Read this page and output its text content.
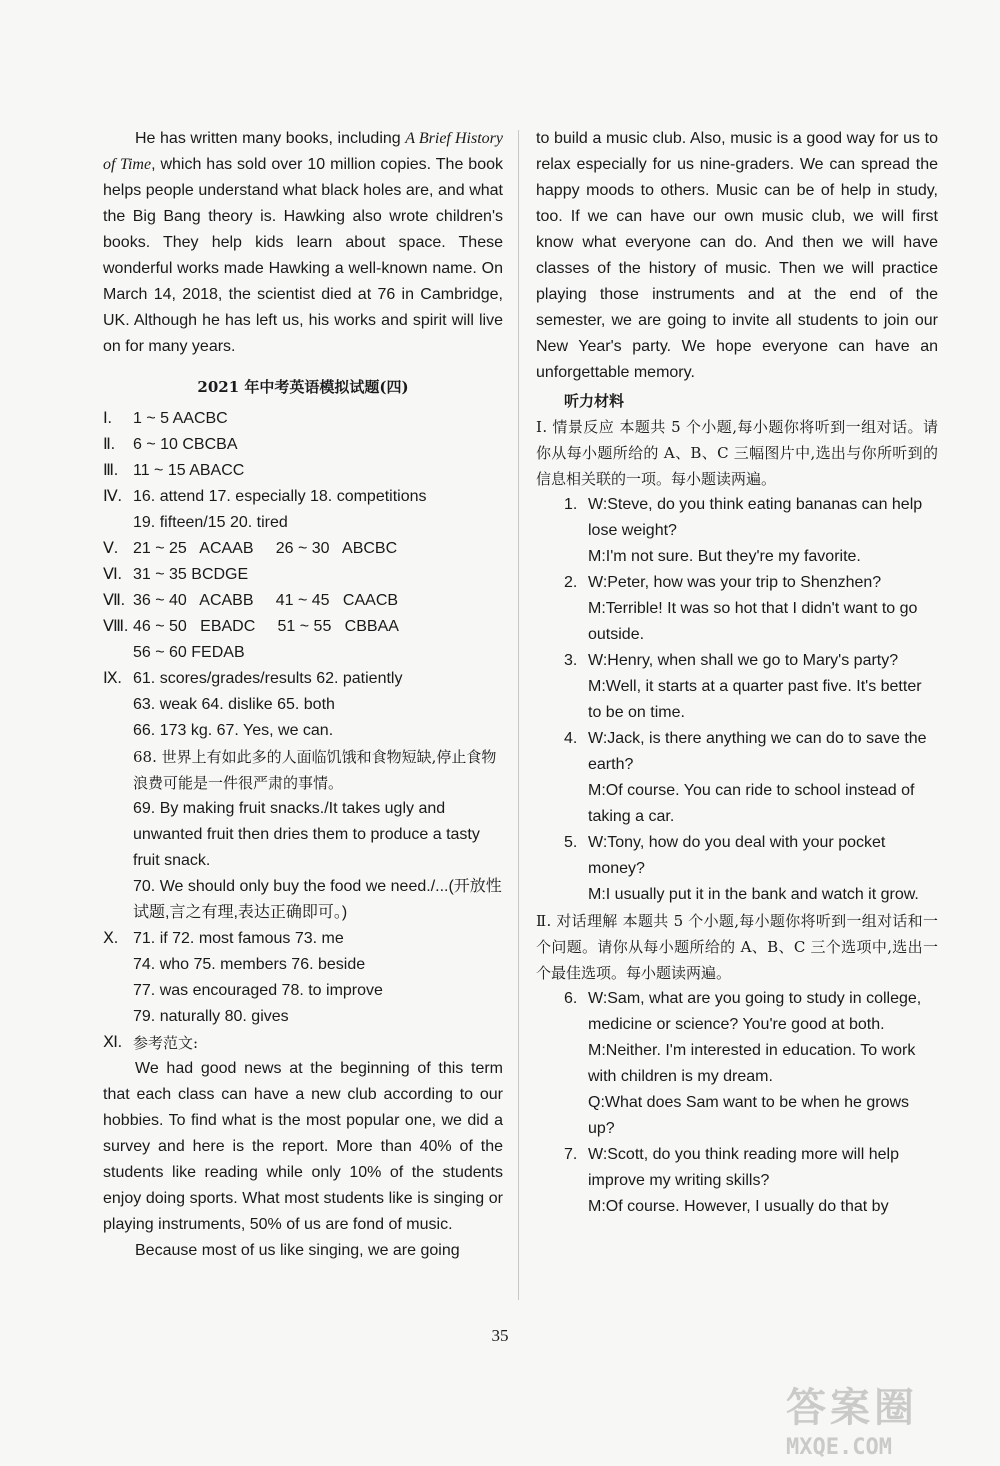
He has written many books, including A Brief History of Time, which has sold over 10 million copies. The book helps people understand what black holes are, and what the Big Bang theory is. Hawking also wrote children's books. They help kids learn about space. These wonderful works made Hawking a well-known name. On March 14, 2018, the scientist died at 76 in Cambridge, UK. Although he has left us, his works and spirit will live on for many years.

2021 年中考英语模拟试题(四)
Ⅰ.	1 ~ 5 AACBC
Ⅱ.	6 ~ 10 CBCBA
Ⅲ. 11 ~ 15 ABACC
Ⅳ. 16. attend 17. especially 18. competitions
19. fifteen/15 20. tired
Ⅴ. 21 ~ 25   ACAAB     26 ~ 30   ABCBC
Ⅵ. 31 ~ 35 BCDGE
Ⅶ. 36 ~ 40   ACABB     41 ~ 45   CAACB
Ⅷ. 46 ~ 50   EBADC     51 ~ 55   CBBAA
56 ~ 60 FEDAB
Ⅸ. 61. scores/grades/results 62. patiently
63. weak 64. dislike 65. both
66. 173 kg. 67. Yes, we can.
68. 世界上有如此多的人面临饥饿和食物短缺,停止食物浪费可能是一件很严肃的事情。
69. By making fruit snacks./It takes ugly and unwanted fruit then dries them to produce a tasty fruit snack.
70. We should only buy the food we need./...(开放性试题,言之有理,表达正确即可。)
Ⅹ. 71. if 72. most famous 73. me
74. who 75. members 76. beside
77. was encouraged 78. to improve
79. naturally 80. gives
Ⅺ. 参考范文:

We had good news at the beginning of this term that each class can have a new club according to our hobbies. To find what is the most popular one, we did a survey and here is the report. More than 40% of the students like reading while only 10% of the students enjoy doing sports. What most students like is singing or playing instruments, 50% of us are fond of music.

Because most of us like singing, we are going

to build a music club. Also, music is a good way for us to relax especially for us nine-graders. We can spread the happy moods to others. Music can be of help in study, too. If we can have our own music club, we will first know what everyone can do. And then we will have classes of the history of music. Then we will practice playing those instruments and at the end of the semester, we are going to invite all students to join our New Year's party. We hope everyone can have an unforgettable memory.

听力材料

Ⅰ. 情景反应 本题共 5 个小题,每小题你将听到一组对话。请你从每小题所给的 A、B、C 三幅图片中,选出与你所听到的信息相关联的一项。每小题读两遍。

1. W:Steve, do you think eating bananas can help lose weight?
M:I'm not sure. But they're my favorite.
2. W:Peter, how was your trip to Shenzhen?
M:Terrible! It was so hot that I didn't want to go outside.
3. W:Henry, when shall we go to Mary's party?
M:Well, it starts at a quarter past five. It's better to be on time.
4. W:Jack, is there anything we can do to save the earth?
M:Of course. You can ride to school instead of taking a car.
5. W:Tony, how do you deal with your pocket money?
M:I usually put it in the bank and watch it grow.

Ⅱ. 对话理解 本题共 5 个小题,每小题你将听到一组对话和一个问题。请你从每小题所给的 A、B、C 三个选项中,选出一个最佳选项。每小题读两遍。

6. W:Sam, what are you going to study in college, medicine or science? You're good at both.
M:Neither. I'm interested in education. To work with children is my dream.
Q:What does Sam want to be when he grows up?
7. W:Scott, do you think reading more will help improve my writing skills?
M:Of course. However, I usually do that by
35
答案圈
MXQE.COM
